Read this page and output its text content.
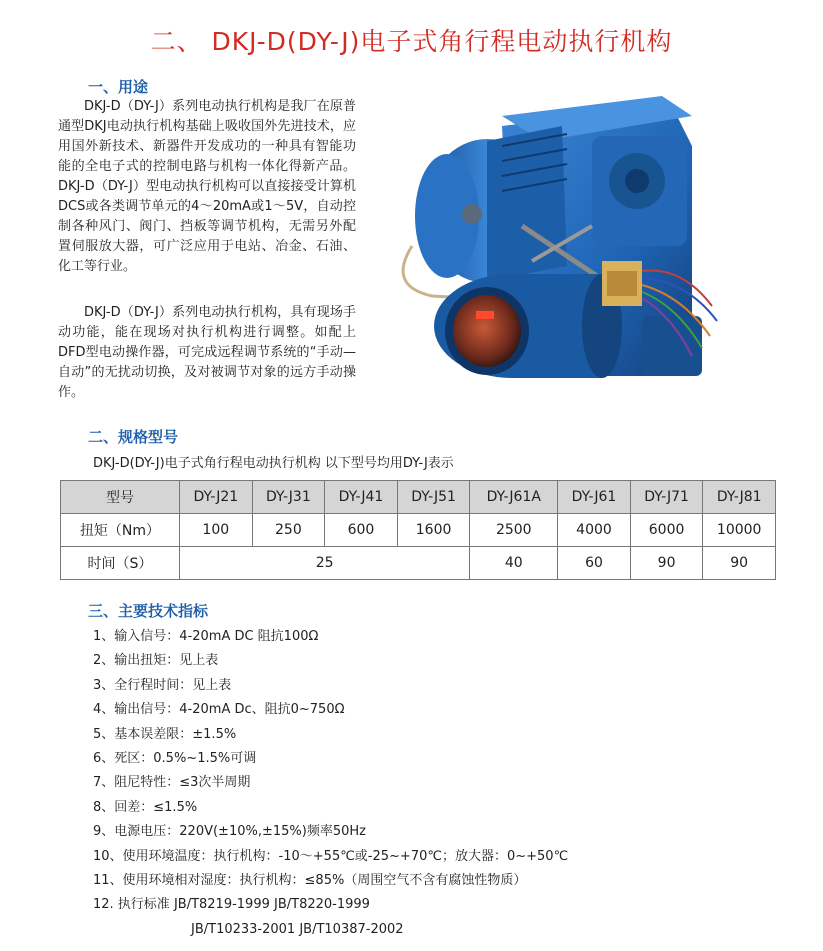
二、 DKJ-D(DY-J)电子式角行程电动执行机构
一、用途
DKJ-D（DY-J）系列电动执行机构是我厂在原普通型DKJ电动执行机构基础上吸收国外先进技术，应用国外新技术、新器件开发成功的一种具有智能功能的全电子式的控制电路与机构一体化得新产品。DKJ-D（DY-J）型电动执行机构可以直接接受计算机DCS或各类调节单元的4～20mA或1～5V，自动控制各种风门、阀门、挡板等调节机构，无需另外配置伺服放大器，可广泛应用于电站、冶金、石油、化工等行业。
DKJ-D（DY-J）系列电动执行机构，具有现场手动功能，能在现场对执行机构进行调整。如配上DFD型电动操作器，可完成远程调节系统的“手动—自动”的无扰动切换，及对被调节对象的远方手动操作。
二、规格型号
DKJ-D(DY-J)电子式角行程电动执行机构 以下型号均用DY-J表示
型号	DY-J21	DY-J31	DY-J41	DY-J51	DY-J61A	DY-J61	DY-J71	DY-J81
扭矩（Nm）	100	250	600	1600	2500	4000	6000	10000
时间（S）	25				40	60	90	90
三、主要技术指标
1、输入信号：4-20mA DC 阻抗100Ω
2、输出扭矩：见上表
3、全行程时间：见上表
4、输出信号：4-20mA Dc、阻抗0~750Ω
5、基本误差限：±1.5%
6、死区：0.5%~1.5%可调
7、阻尼特性：≤3次半周期
8、回差：≤1.5%
9、电源电压：220V(±10%,±15%)频率50Hz
10、使用环境温度：执行机构：-10～+55℃或-25~+70℃；放大器：0~+50℃
11、使用环境相对湿度：执行机构：≤85%（周围空气不含有腐蚀性物质）
12. 执行标准 JB/T8219-1999 JB/T8220-1999
JB/T10233-2001 JB/T10387-2002
